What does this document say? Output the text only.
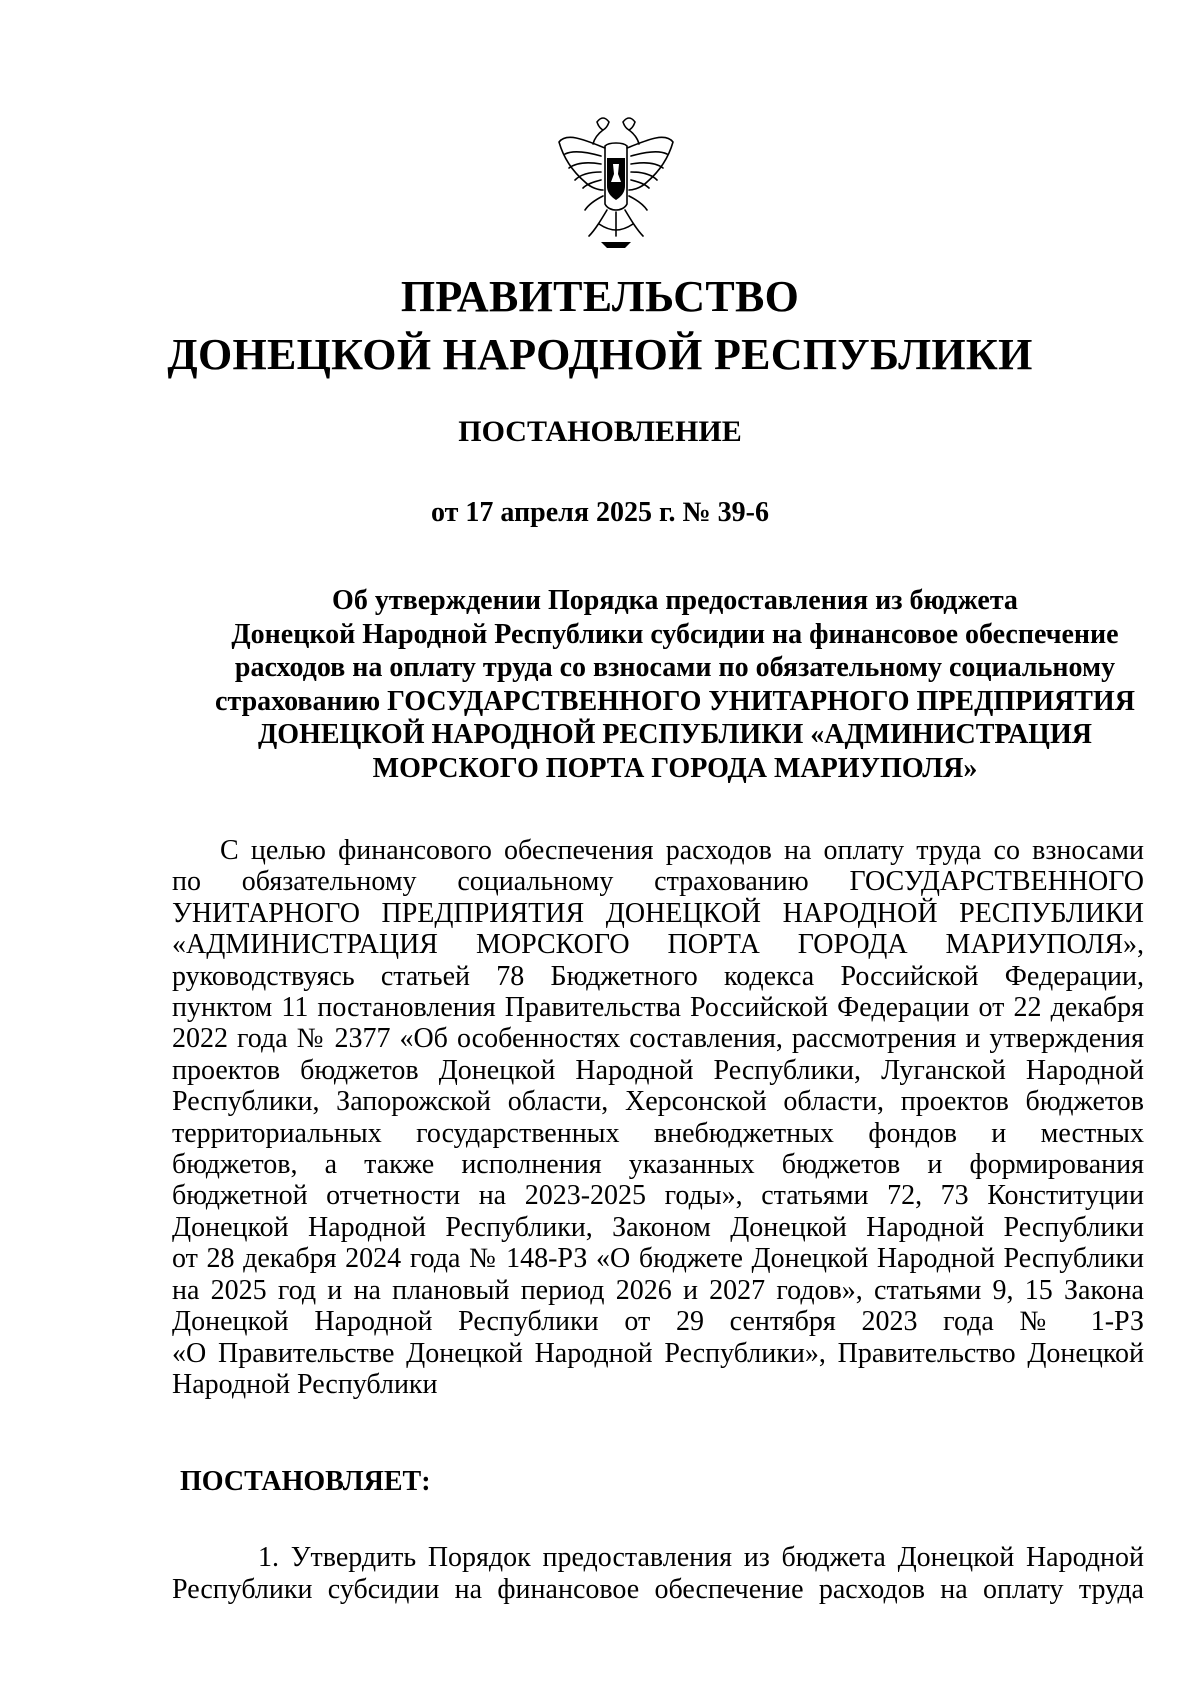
ПРАВИТЕЛЬСТВО
ДОНЕЦКОЙ НАРОДНОЙ РЕСПУБЛИКИ
ПОСТАНОВЛЕНИЕ
от 17 апреля 2025 г. № 39-6
Об утверждении Порядка предоставления из бюджета
Донецкой Народной Республики субсидии на финансовое обеспечение
расходов на оплату труда со взносами по обязательному социальному
страхованию ГОСУДАРСТВЕННОГО УНИТАРНОГО ПРЕДПРИЯТИЯ
ДОНЕЦКОЙ НАРОДНОЙ РЕСПУБЛИКИ «АДМИНИСТРАЦИЯ
МОРСКОГО ПОРТА ГОРОДА МАРИУПОЛЯ»
С целью финансового обеспечения расходов на оплату труда со взносами
по обязательному социальному страхованию ГОСУДАРСТВЕННОГО
УНИТАРНОГО ПРЕДПРИЯТИЯ ДОНЕЦКОЙ НАРОДНОЙ РЕСПУБЛИКИ
«АДМИНИСТРАЦИЯ МОРСКОГО ПОРТА ГОРОДА МАРИУПОЛЯ»,
руководствуясь статьей 78 Бюджетного кодекса Российской Федерации,
пунктом 11 постановления Правительства Российской Федерации от 22 декабря
2022 года № 2377 «Об особенностях составления, рассмотрения и утверждения
проектов бюджетов Донецкой Народной Республики, Луганской Народной
Республики, Запорожской области, Херсонской области, проектов бюджетов
территориальных государственных внебюджетных фондов и местных
бюджетов, а также исполнения указанных бюджетов и формирования
бюджетной отчетности на 2023-2025 годы», статьями 72, 73 Конституции
Донецкой Народной Республики, Законом Донецкой Народной Республики
от 28 декабря 2024 года № 148-РЗ «О бюджете Донецкой Народной Республики
на 2025 год и на плановый период 2026 и 2027 годов», статьями 9, 15 Закона
Донецкой Народной Республики от 29 сентября 2023 года № 1-РЗ
«О Правительстве Донецкой Народной Республики», Правительство Донецкой
Народной Республики
ПОСТАНОВЛЯЕТ:
1. Утвердить Порядок предоставления из бюджета Донецкой Народной
Республики субсидии на финансовое обеспечение расходов на оплату труда
